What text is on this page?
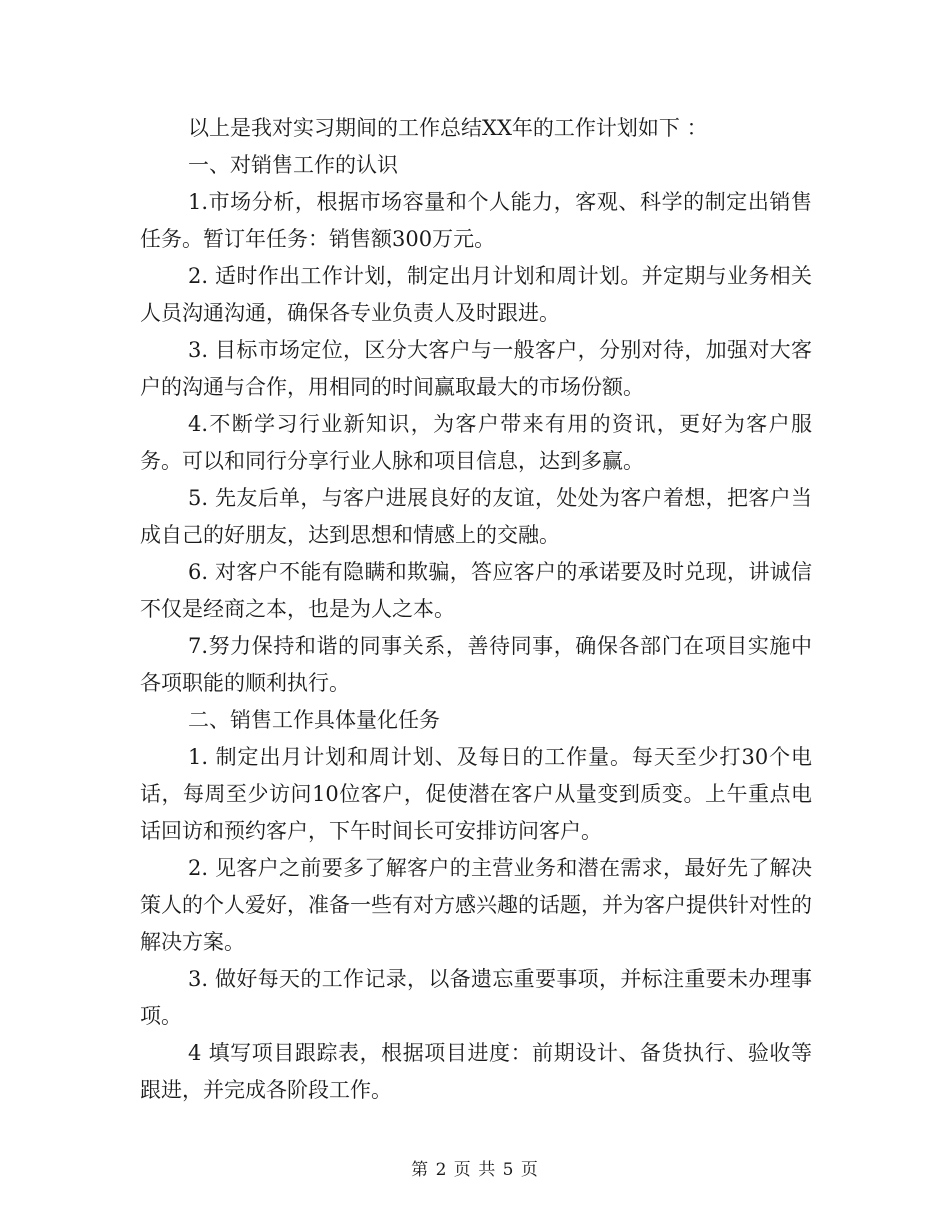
以上是我对实习期间的工作总结XX年的工作计划如下 ：

一、对销售工作的认识

1.市场分析，根据市场容量和个人能力，客观、科学的制定出销售任务。暂订年任务：销售额300万元。

2. 适时作出工作计划，制定出月计划和周计划。并定期与业务相关人员沟通沟通，确保各专业负责人及时跟进。

3. 目标市场定位，区分大客户与一般客户，分别对待，加强对大客户的沟通与合作，用相同的时间赢取最大的市场份额。

4.不断学习行业新知识，为客户带来有用的资讯，更好为客户服务。可以和同行分享行业人脉和项目信息，达到多赢。

5. 先友后单，与客户进展良好的友谊，处处为客户着想，把客户当成自己的好朋友，达到思想和情感上的交融。

6. 对客户不能有隐瞒和欺骗，答应客户的承诺要及时兑现，讲诚信不仅是经商之本，也是为人之本。

7.努力保持和谐的同事关系，善待同事，确保各部门在项目实施中各项职能的顺利执行。

二、销售工作具体量化任务

1. 制定出月计划和周计划、及每日的工作量。每天至少打30个电话，每周至少访问10位客户，促使潜在客户从量变到质变。上午重点电话回访和预约客户，下午时间长可安排访问客户。

2. 见客户之前要多了解客户的主营业务和潜在需求，最好先了解决策人的个人爱好，准备一些有对方感兴趣的话题，并为客户提供针对性的解决方案。

3. 做好每天的工作记录，以备遗忘重要事项，并标注重要未办理事项。

4 填写项目跟踪表，根据项目进度：前期设计、备货执行、验收等跟进，并完成各阶段工作。

第 2 页 共 5 页
